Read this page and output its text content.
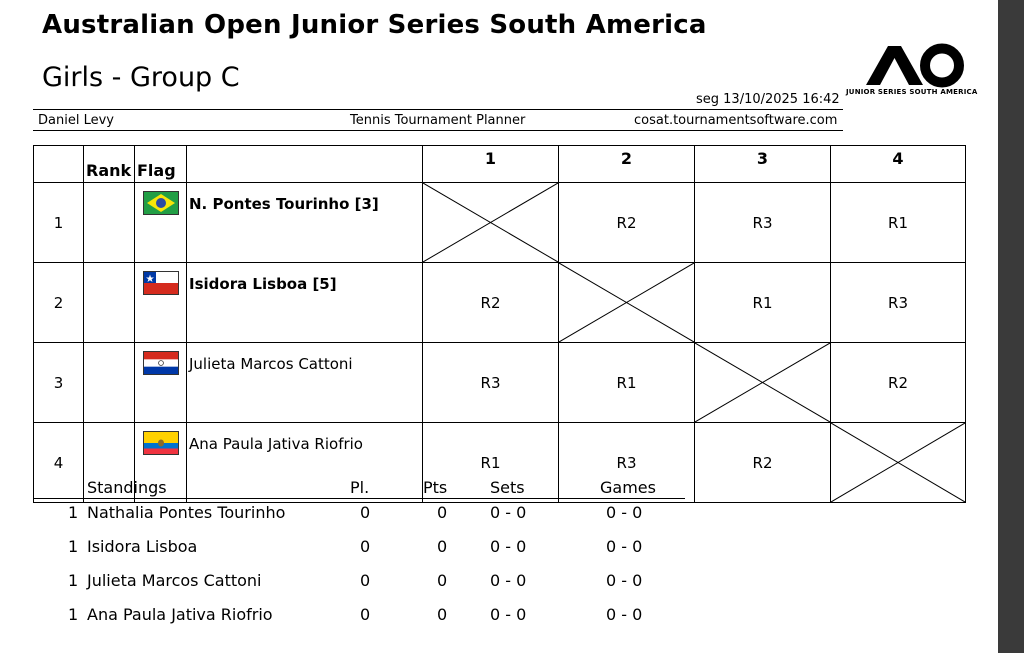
Australian Open Junior Series South America
Girls - Group C	JUNIOR SERIES SOUTH AMERICA
seg 13/10/2025 16:42
Daniel Levy	Tennis Tournament Planner	cosat.tournamentsoftware.com
	Rank	Flag		1	2	3	4
1			N. Pontes Tourinho [3]		R2	R3	R1
2			Isidora Lisboa [5]	R2		R1	R3
3			Julieta Marcos Cattoni	R3	R1		R2
4			Ana Paula Jativa Riofrio	R1	R3	R2	
Standings	Pl.	Pts	Sets	Games
1 Nathalia Pontes Tourinho	0	0	0 - 0	0 - 0
1 Isidora Lisboa	0	0	0 - 0	0 - 0
1 Julieta Marcos Cattoni	0	0	0 - 0	0 - 0
1 Ana Paula Jativa Riofrio	0	0	0 - 0	0 - 0
